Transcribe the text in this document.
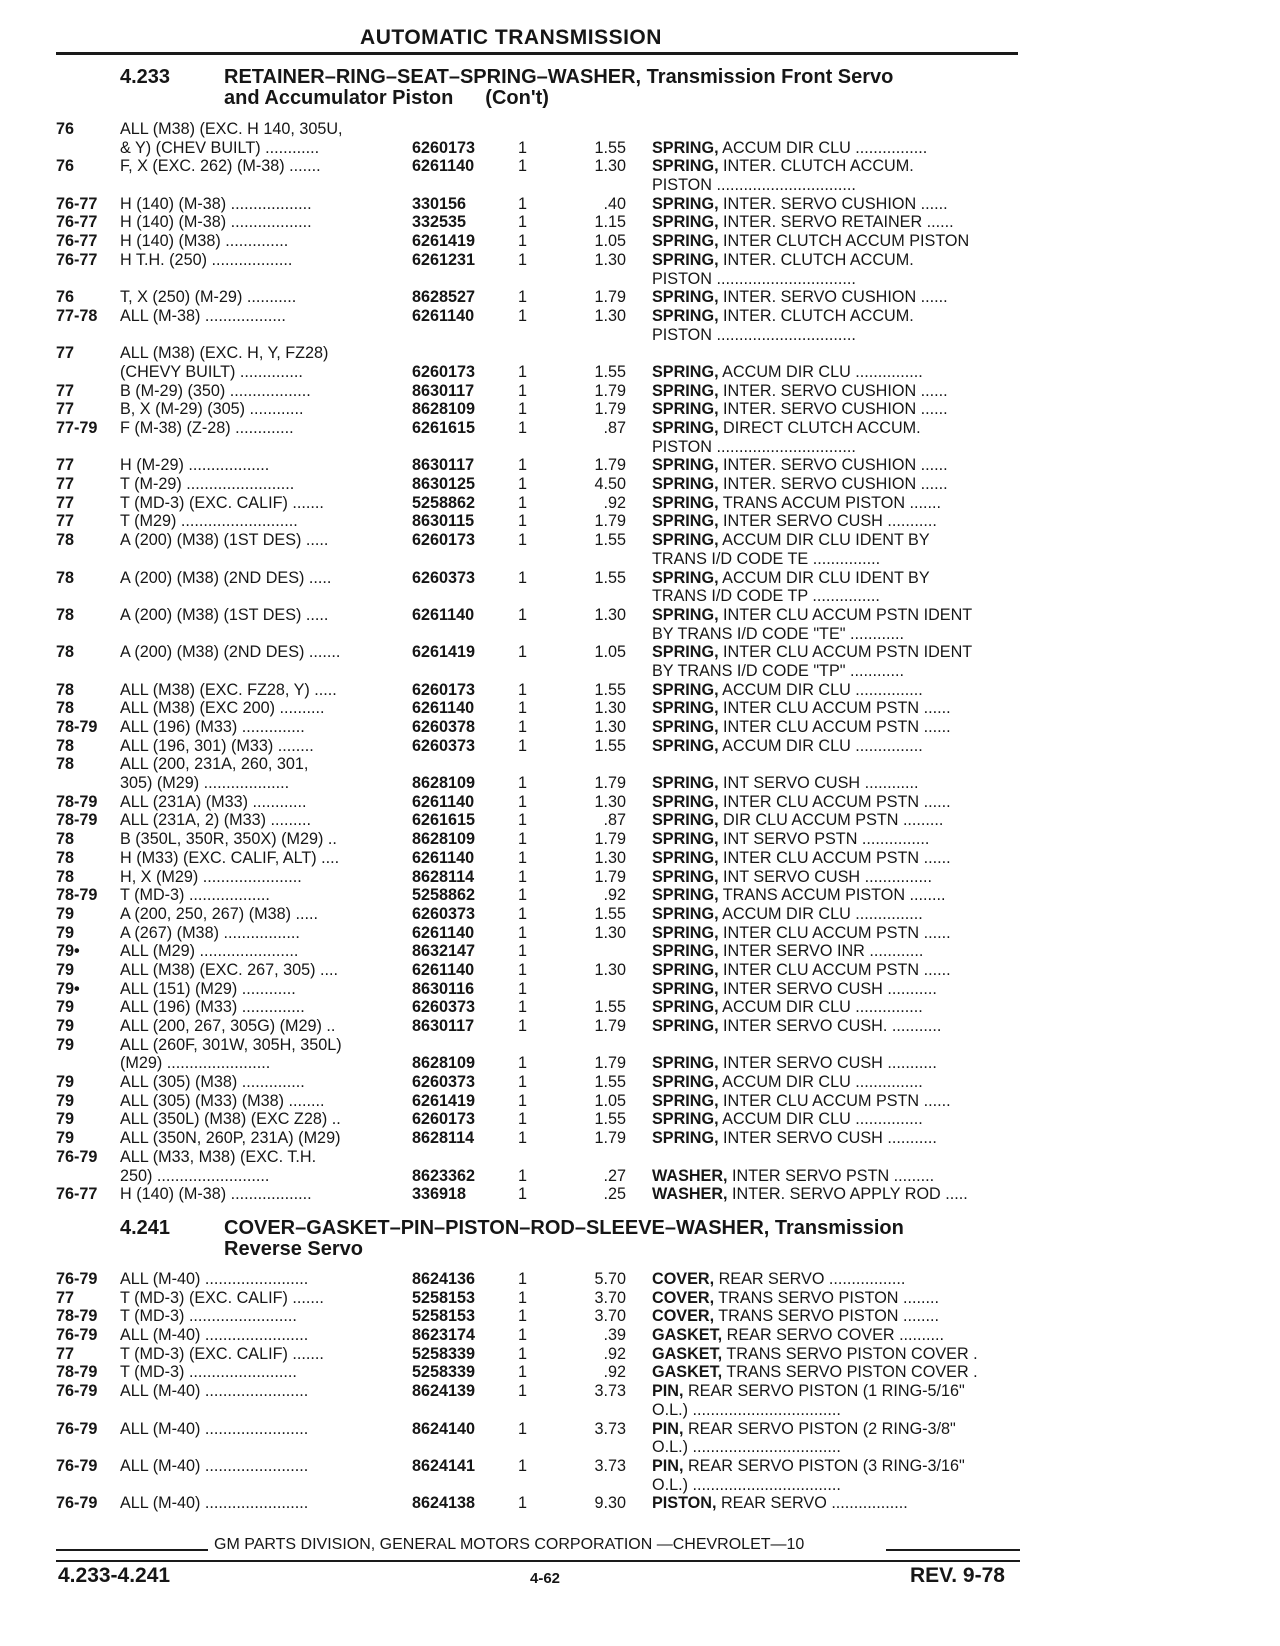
AUTOMATIC TRANSMISSION
4.233	RETAINER–RING–SEAT–SPRING–WASHER, Transmission Front Servo
and Accumulator Piston (Con't)
76	ALL (M38) (EXC. H 140, 305U,
& Y) (CHEV BUILT) ............	6260173	1	1.55 SPRING, ACCUM DIR CLU ................
76	F, X (EXC. 262) (M-38) .......	6261140	1	1.30 SPRING, INTER. CLUTCH ACCUM.
PISTON ...............................
76-77 H (140) (M-38) ..................	330156	1	.40 SPRING, INTER. SERVO CUSHION ......
76-77 H (140) (M-38) ..................	332535	1	1.15 SPRING, INTER. SERVO RETAINER ......
76-77 H (140) (M38) ..............	6261419	1	1.05 SPRING, INTER CLUTCH ACCUM PISTON
76-77 H T.H. (250) ..................	6261231	1	1.30 SPRING, INTER. CLUTCH ACCUM.
PISTON ...............................
76	T, X (250) (M-29) ...........	8628527	1	1.79 SPRING, INTER. SERVO CUSHION ......
77-78 ALL (M-38) ..................	6261140	1	1.30 SPRING, INTER. CLUTCH ACCUM.
PISTON ...............................
77	ALL (M38) (EXC. H, Y, FZ28)
(CHEVY BUILT) ..............	6260173	1	1.55 SPRING, ACCUM DIR CLU ...............
77	B (M-29) (350) ..................	8630117	1	1.79 SPRING, INTER. SERVO CUSHION ......
77	B, X (M-29) (305) ............	8628109	1	1.79 SPRING, INTER. SERVO CUSHION ......
77-79 F (M-38) (Z-28) .............	6261615	1	.87 SPRING, DIRECT CLUTCH ACCUM.
PISTON ...............................
77	H (M-29) ..................	8630117	1	1.79 SPRING, INTER. SERVO CUSHION ......
77	T (M-29) ........................	8630125	1	4.50 SPRING, INTER. SERVO CUSHION ......
77	T (MD-3) (EXC. CALIF) .......	5258862	1	.92 SPRING, TRANS ACCUM PISTON .......
77	T (M29) ..........................	8630115	1	1.79 SPRING, INTER SERVO CUSH ...........
78	A (200) (M38) (1ST DES) .....	6260173	1	1.55 SPRING, ACCUM DIR CLU IDENT BY
TRANS I/D CODE TE ...............
78	A (200) (M38) (2ND DES) .....	6260373	1	1.55 SPRING, ACCUM DIR CLU IDENT BY
TRANS I/D CODE TP ...............
78	A (200) (M38) (1ST DES) .....	6261140	1	1.30 SPRING, INTER CLU ACCUM PSTN IDENT
BY TRANS I/D CODE "TE" ............
78	A (200) (M38) (2ND DES) .......	6261419	1	1.05 SPRING, INTER CLU ACCUM PSTN IDENT
BY TRANS I/D CODE "TP" ............
78	ALL (M38) (EXC. FZ28, Y) .....	6260173	1	1.55 SPRING, ACCUM DIR CLU ...............
78	ALL (M38) (EXC 200) ..........	6261140	1	1.30 SPRING, INTER CLU ACCUM PSTN ......
78-79 ALL (196) (M33) ..............	6260378	1	1.30 SPRING, INTER CLU ACCUM PSTN ......
78	ALL (196, 301) (M33) ........	6260373	1	1.55 SPRING, ACCUM DIR CLU ...............
78	ALL (200, 231A, 260, 301,
305) (M29) ...................	8628109	1	1.79 SPRING, INT SERVO CUSH ............
78-79 ALL (231A) (M33) ............	6261140	1	1.30 SPRING, INTER CLU ACCUM PSTN ......
78-79 ALL (231A, 2) (M33) .........	6261615	1	.87 SPRING, DIR CLU ACCUM PSTN .........
78	B (350L, 350R, 350X) (M29) ..	8628109	1	1.79 SPRING, INT SERVO PSTN ...............
78	H (M33) (EXC. CALIF, ALT) ....	6261140	1	1.30 SPRING, INTER CLU ACCUM PSTN ......
78	H, X (M29) ......................	8628114	1	1.79 SPRING, INT SERVO CUSH ...............
78-79 T (MD-3) ..................	5258862	1	.92 SPRING, TRANS ACCUM PISTON ........
79	A (200, 250, 267) (M38) .....	6260373	1	1.55 SPRING, ACCUM DIR CLU ...............
79	A (267) (M38) .................	6261140	1	1.30 SPRING, INTER CLU ACCUM PSTN ......
79• ALL (M29) ......................	8632147	1	SPRING, INTER SERVO INR ............
79	ALL (M38) (EXC. 267, 305) ....	6261140	1	1.30 SPRING, INTER CLU ACCUM PSTN ......
79• ALL (151) (M29) ............	8630116	1	SPRING, INTER SERVO CUSH ...........
79	ALL (196) (M33) ..............	6260373	1	1.55 SPRING, ACCUM DIR CLU ...............
79	ALL (200, 267, 305G) (M29) ..	8630117	1	1.79 SPRING, INTER SERVO CUSH. ...........
79	ALL (260F, 301W, 305H, 350L)
(M29) .......................	8628109	1	1.79 SPRING, INTER SERVO CUSH ...........
79	ALL (305) (M38) ..............	6260373	1	1.55 SPRING, ACCUM DIR CLU ...............
79	ALL (305) (M33) (M38) ........	6261419	1	1.05 SPRING, INTER CLU ACCUM PSTN ......
79	ALL (350L) (M38) (EXC Z28) ..	6260173	1	1.55 SPRING, ACCUM DIR CLU ...............
79	ALL (350N, 260P, 231A) (M29)	8628114	1	1.79 SPRING, INTER SERVO CUSH ...........
76-79 ALL (M33, M38) (EXC. T.H.
250) .........................	8623362	1	.27 WASHER, INTER SERVO PSTN .........
76-77 H (140) (M-38) ..................	336918	1	.25 WASHER, INTER. SERVO APPLY ROD .....
4.241	COVER–GASKET–PIN–PISTON–ROD–SLEEVE–WASHER, Transmission
Reverse Servo
76-79 ALL (M-40) .......................	8624136	1	5.70 COVER, REAR SERVO .................
77	T (MD-3) (EXC. CALIF) .......	5258153	1	3.70 COVER, TRANS SERVO PISTON ........
78-79 T (MD-3) ........................	5258153	1	3.70 COVER, TRANS SERVO PISTON ........
76-79 ALL (M-40) .......................	8623174	1	.39 GASKET, REAR SERVO COVER ..........
77	T (MD-3) (EXC. CALIF) .......	5258339	1	.92 GASKET, TRANS SERVO PISTON COVER .
78-79 T (MD-3) ........................	5258339	1	.92 GASKET, TRANS SERVO PISTON COVER .
76-79 ALL (M-40) .......................	8624139	1	3.73 PIN, REAR SERVO PISTON (1 RING-5/16"
O.L.) .................................
76-79 ALL (M-40) .......................	8624140	1	3.73 PIN, REAR SERVO PISTON (2 RING-3/8"
O.L.) .................................
76-79 ALL (M-40) .......................	8624141	1	3.73 PIN, REAR SERVO PISTON (3 RING-3/16"
O.L.) .................................
76-79 ALL (M-40) .......................	8624138	1	9.30 PISTON, REAR SERVO .................
GM PARTS DIVISION, GENERAL MOTORS CORPORATION —CHEVROLET—10
4.233-4.241	4-62	REV. 9-78
